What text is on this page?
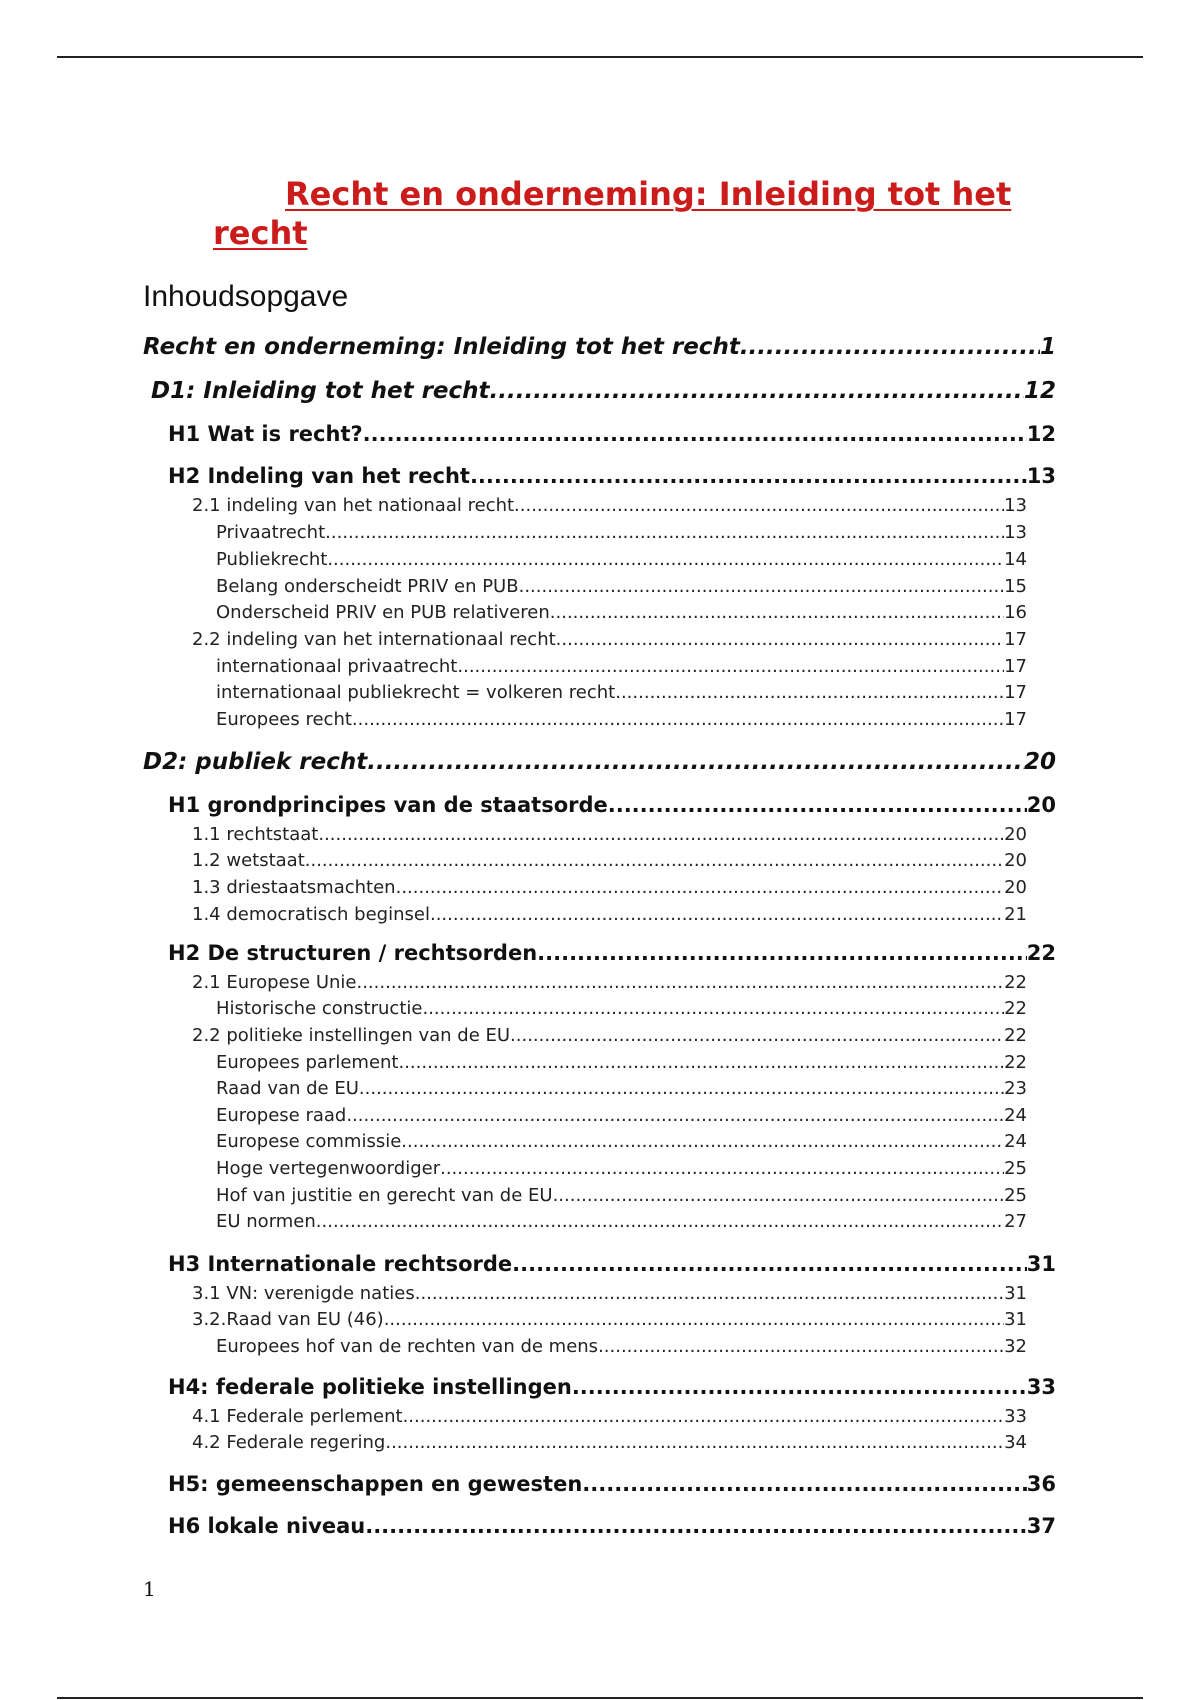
Recht en onderneming: Inleiding tot het recht
Inhoudsopgave
Recht en onderneming: Inleiding tot het recht .....	1
D1: Inleiding tot het recht .....	12
H1 Wat is recht? .....	12
H2 Indeling van het recht .....	13
2.1 indeling van het nationaal recht .....	13
Privaatrecht .....	13
Publiekrecht .....	14
Belang onderscheidt PRIV en PUB .....	15
Onderscheid PRIV en PUB relativeren .....	16
2.2 indeling van het internationaal recht .....	17
internationaal privaatrecht .....	17
internationaal publiekrecht = volkeren recht .....	17
Europees recht .....	17
D2: publiek recht .....	20
H1 grondprincipes van de staatsorde .....	20
1.1 rechtstaat .....	20
1.2 wetstaat .....	20
1.3 driestaatsmachten .....	20
1.4 democratisch beginsel .....	21
H2 De structuren / rechtsorden .....	22
2.1 Europese Unie .....	22
Historische constructie .....	22
2.2 politieke instellingen van de EU .....	22
Europees parlement .....	22
Raad van de EU .....	23
Europese raad .....	24
Europese commissie .....	24
Hoge vertegenwoordiger .....	25
Hof van justitie en gerecht van de EU .....	25
EU normen .....	27
H3 Internationale rechtsorde .....	31
3.1 VN: verenigde naties .....	31
3.2.Raad van EU (46) .....	31
Europees hof van de rechten van de mens .....	32
H4: federale politieke instellingen .....	33
4.1 Federale perlement .....	33
4.2 Federale regering .....	34
H5: gemeenschappen en gewesten .....	36
H6 lokale niveau .....	37

1
